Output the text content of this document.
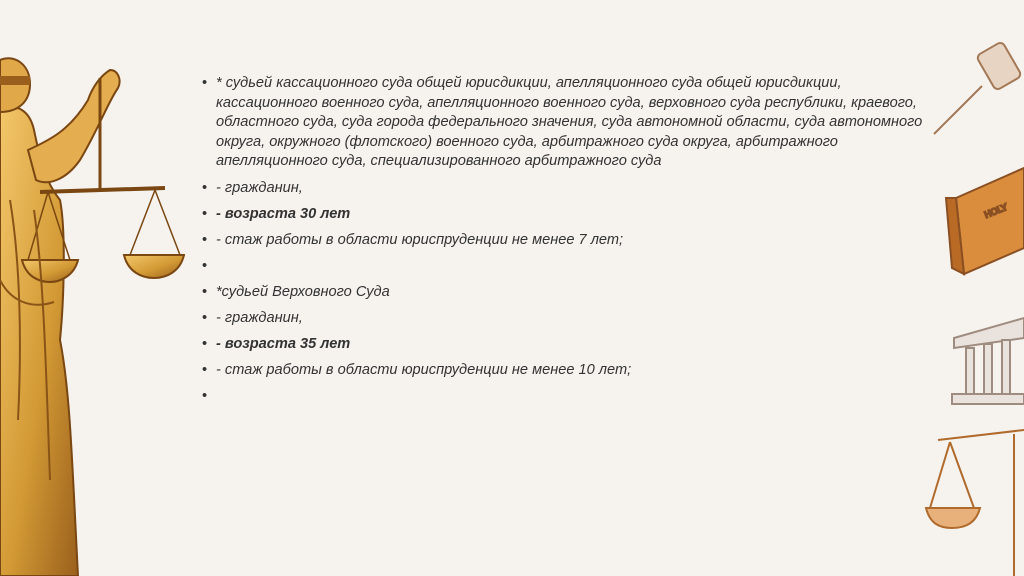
HOLY
• * судьей кассационного суда общей юрисдикции, апелляционного суда общей юрисдикции, кассационного военного суда, апелляционного военного суда, верховного суда республики, краевого, областного суда, суда города федерального значения, суда автономной области, суда автономного округа, окружного (флотского) военного суда, арбитражного суда округа, арбитражного апелляционного суда, специализированного арбитражного суда
• - гражданин,
• - возраста 30 лет
• - стаж работы в области юриспруденции не менее 7 лет;
•
• *судьей Верховного Суда
• - гражданин,
• - возраста 35 лет
• - стаж работы в области юриспруденции не менее 10 лет;
•
